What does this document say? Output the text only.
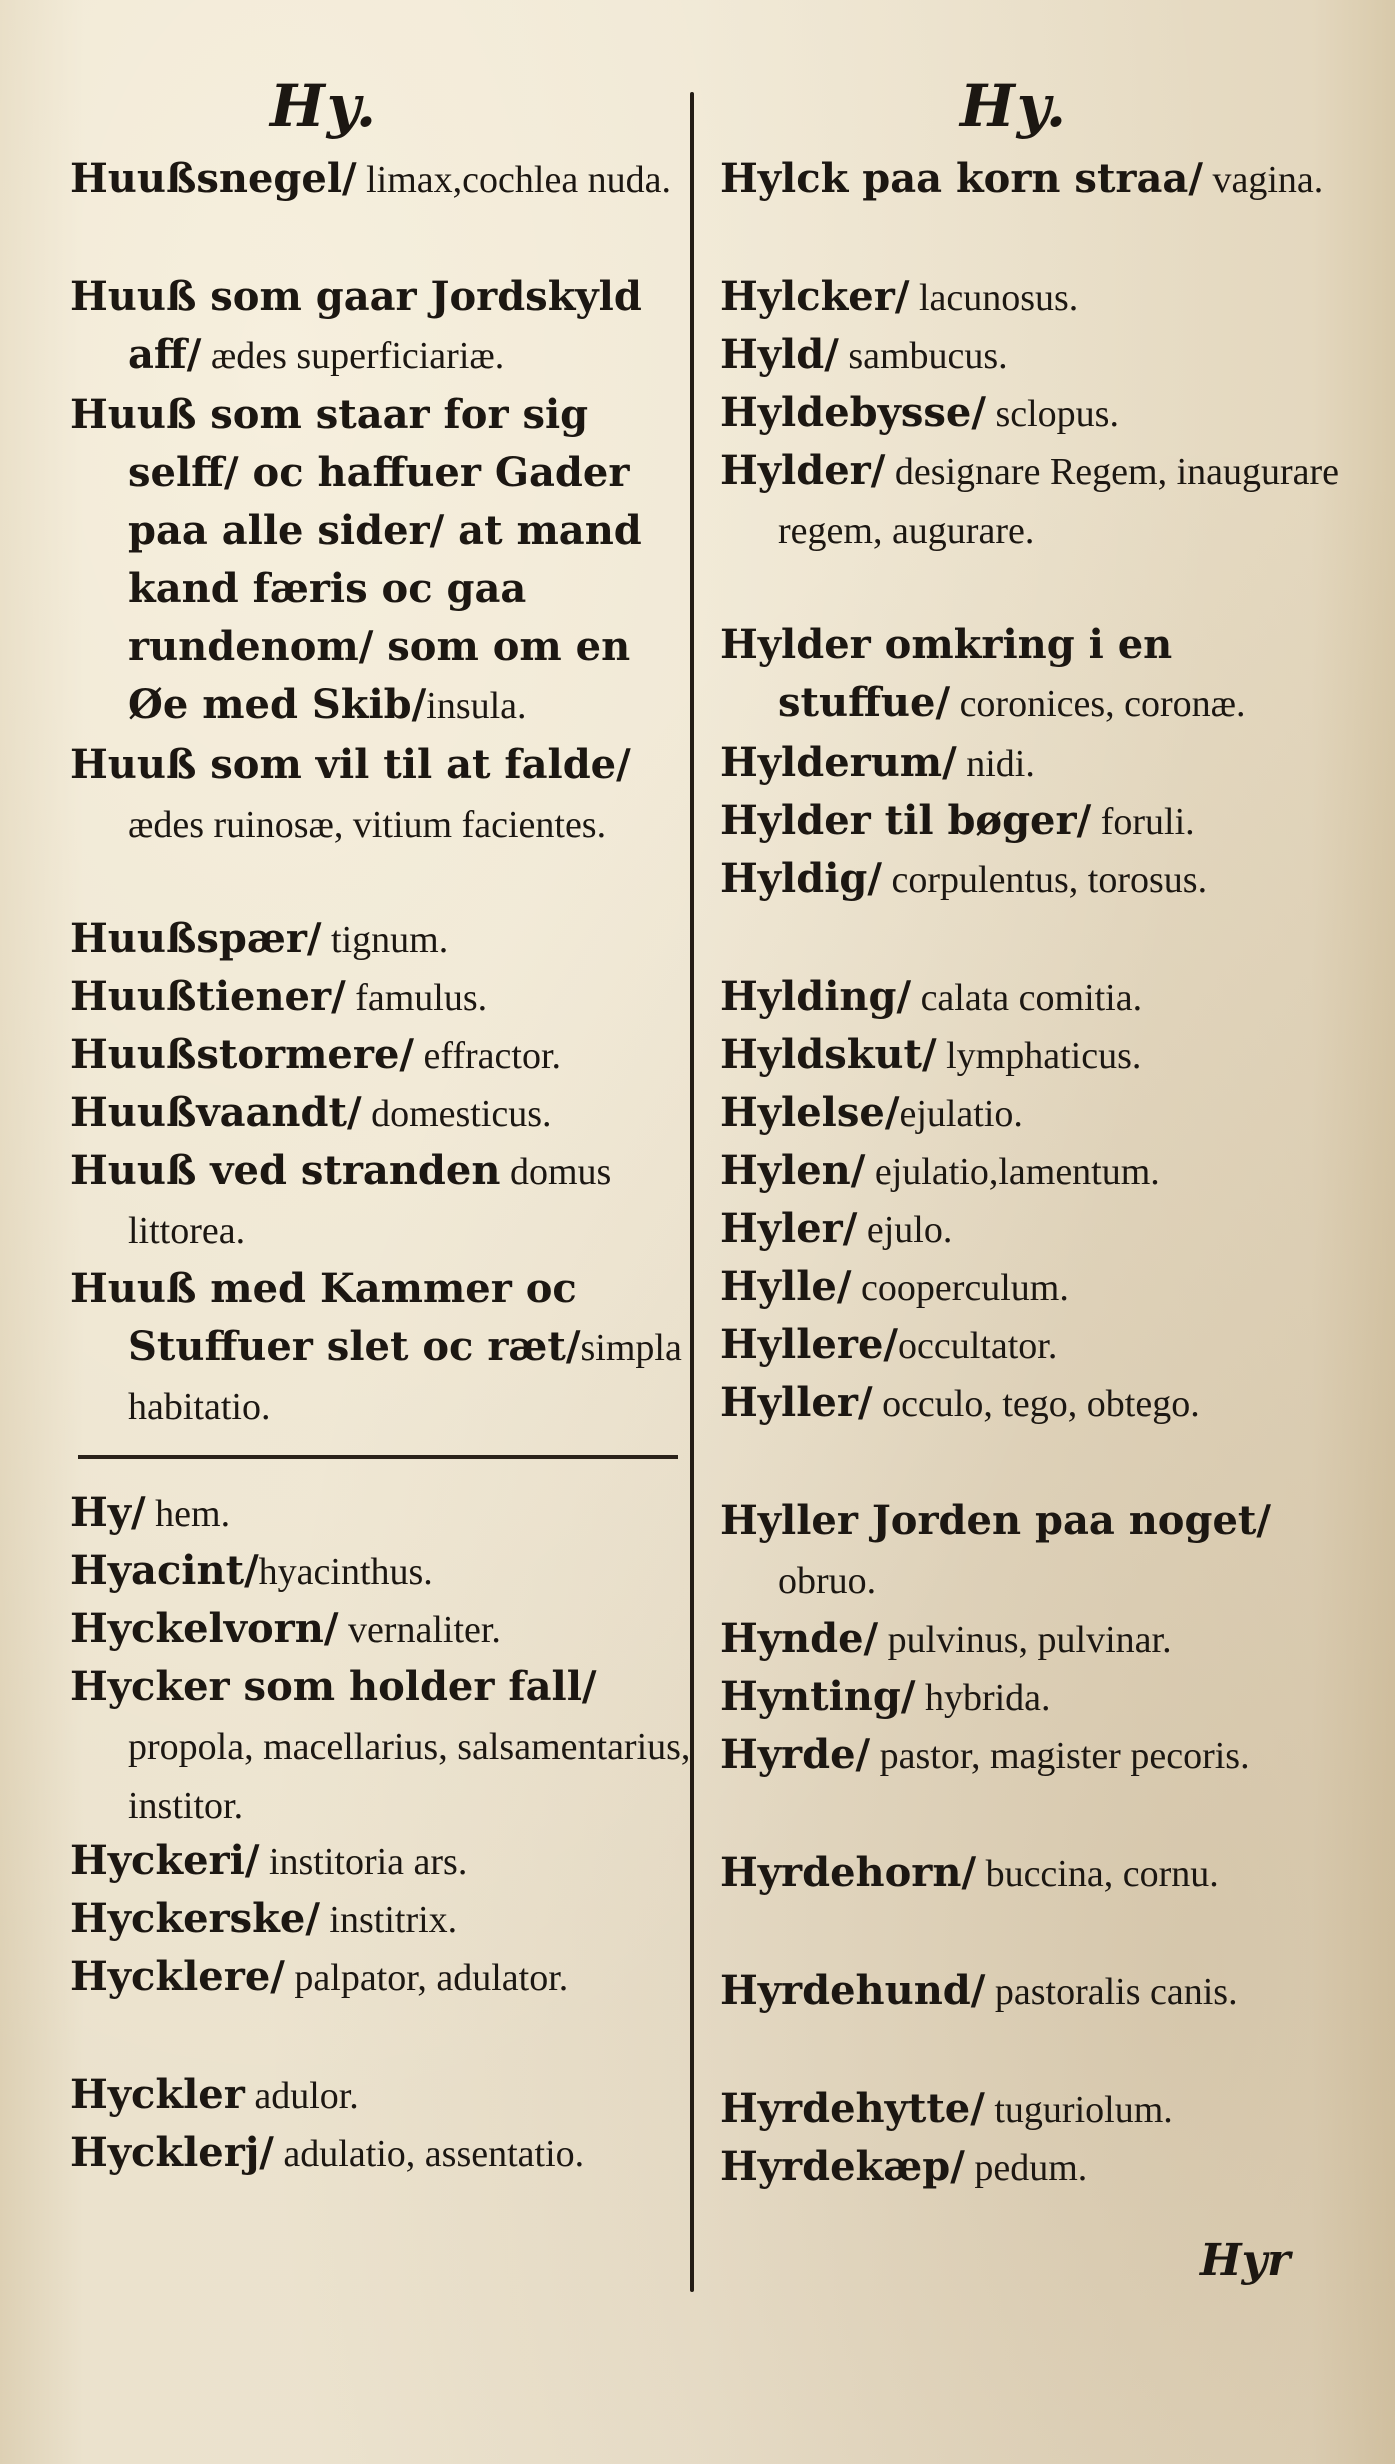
Hy.	Hy.
Huußsnegel/ limax,cochlea nuda.
Huuß som gaar Jordskyld aff/ ædes superficiariæ.
Huuß som staar for sig selff/ oc haffuer Gader paa alle sider/ at mand kand færis oc gaa rundenom/ som om en Øe med Skib/insula.
Huuß som vil til at falde/ ædes ruinosæ, vitium facientes.
Huußspær/ tignum.
Huußtiener/ famulus.
Huußstormere/ effractor.
Huußvaandt/ domesticus.
Huuß ved stranden domus littorea.
Huuß med Kammer oc Stuffuer slet oc ræt/simpla habitatio.
Hy/ hem.
Hyacint/hyacinthus.
Hyckelvorn/ vernaliter.
Hycker som holder fall/ propola, macellarius, salsamentarius, institor.
Hyckeri/ institoria ars.
Hyckerske/ institrix.
Hycklere/ palpator, adulator.
Hyckler adulor.
Hycklerj/ adulatio, assentatio.
Hylck paa korn straa/ vagina.
Hylcker/ lacunosus.
Hyld/ sambucus.
Hyldebysse/ sclopus.
Hylder/ designare Regem, inaugurare regem, augurare.
Hylder omkring i en stuffue/ coronices, coronæ.
Hylderum/ nidi.
Hylder til bøger/ foruli.
Hyldig/ corpulentus, torosus.
Hylding/ calata comitia.
Hyldskut/ lymphaticus.
Hylelse/ejulatio.
Hylen/ ejulatio,lamentum.
Hyler/ ejulo.
Hylle/ cooperculum.
Hyllere/occultator.
Hyller/ occulo, tego, obtego.
Hyller Jorden paa noget/ obruo.
Hynde/ pulvinus, pulvinar.
Hynting/ hybrida.
Hyrde/ pastor, magister pecoris.
Hyrdehorn/ buccina, cornu.
Hyrdehund/ pastoralis canis.
Hyrdehytte/ tuguriolum.
Hyrdekæp/ pedum.
Hyr
